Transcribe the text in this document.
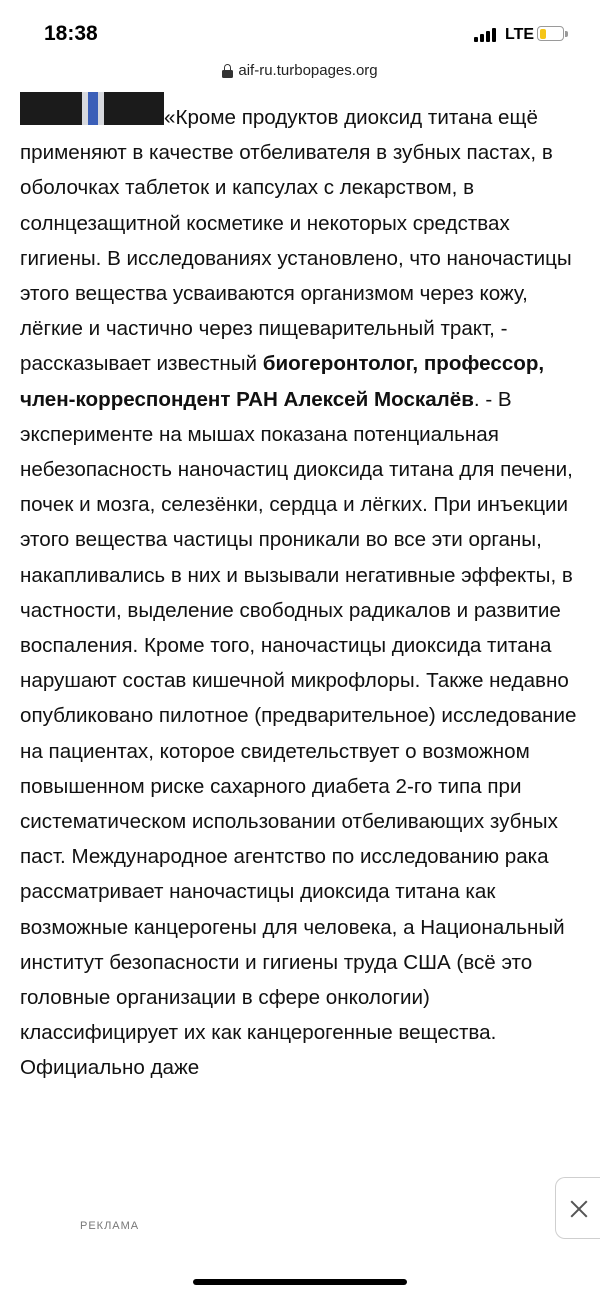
18:38	LTE
aif-ru.turbopages.org

«Кроме продуктов диоксид титана ещё применяют в качестве отбеливателя в зубных пастах, в оболочках таблеток и капсулах с лекарством, в солнцезащитной косметике и некоторых средствах гигиены. В исследованиях установлено, что наночастицы этого вещества усваиваются организмом через кожу, лёгкие и частично через пищеварительный тракт, - рассказывает известный биогеронтолог, профессор, член-корреспондент РАН Алексей Москалёв. - В эксперименте на мышах показана потенциальная небезопасность наночастиц диоксида титана для печени, почек и мозга, селезёнки, сердца и лёгких. При инъекции этого вещества частицы проникали во все эти органы, накапливались в них и вызывали негативные эффекты, в частности, выделение свободных радикалов и развитие воспаления. Кроме того, наночастицы диоксида титана нарушают состав кишечной микрофлоры. Также недавно опубликовано пилотное (предварительное) исследование на пациентах, которое свидетельствует о возможном повышенном риске сахарного диабета 2-го типа при систематическом использовании отбеливающих зубных паст. Международное агентство по исследованию рака рассматривает наночастицы диоксида титана как возможные канцерогены для человека, а Национальный институт безопасности и гигиены труда США (всё это головные организации в сфере онкологии) классифицирует их как канцерогенные вещества. Официально даже

РЕКЛАМА
